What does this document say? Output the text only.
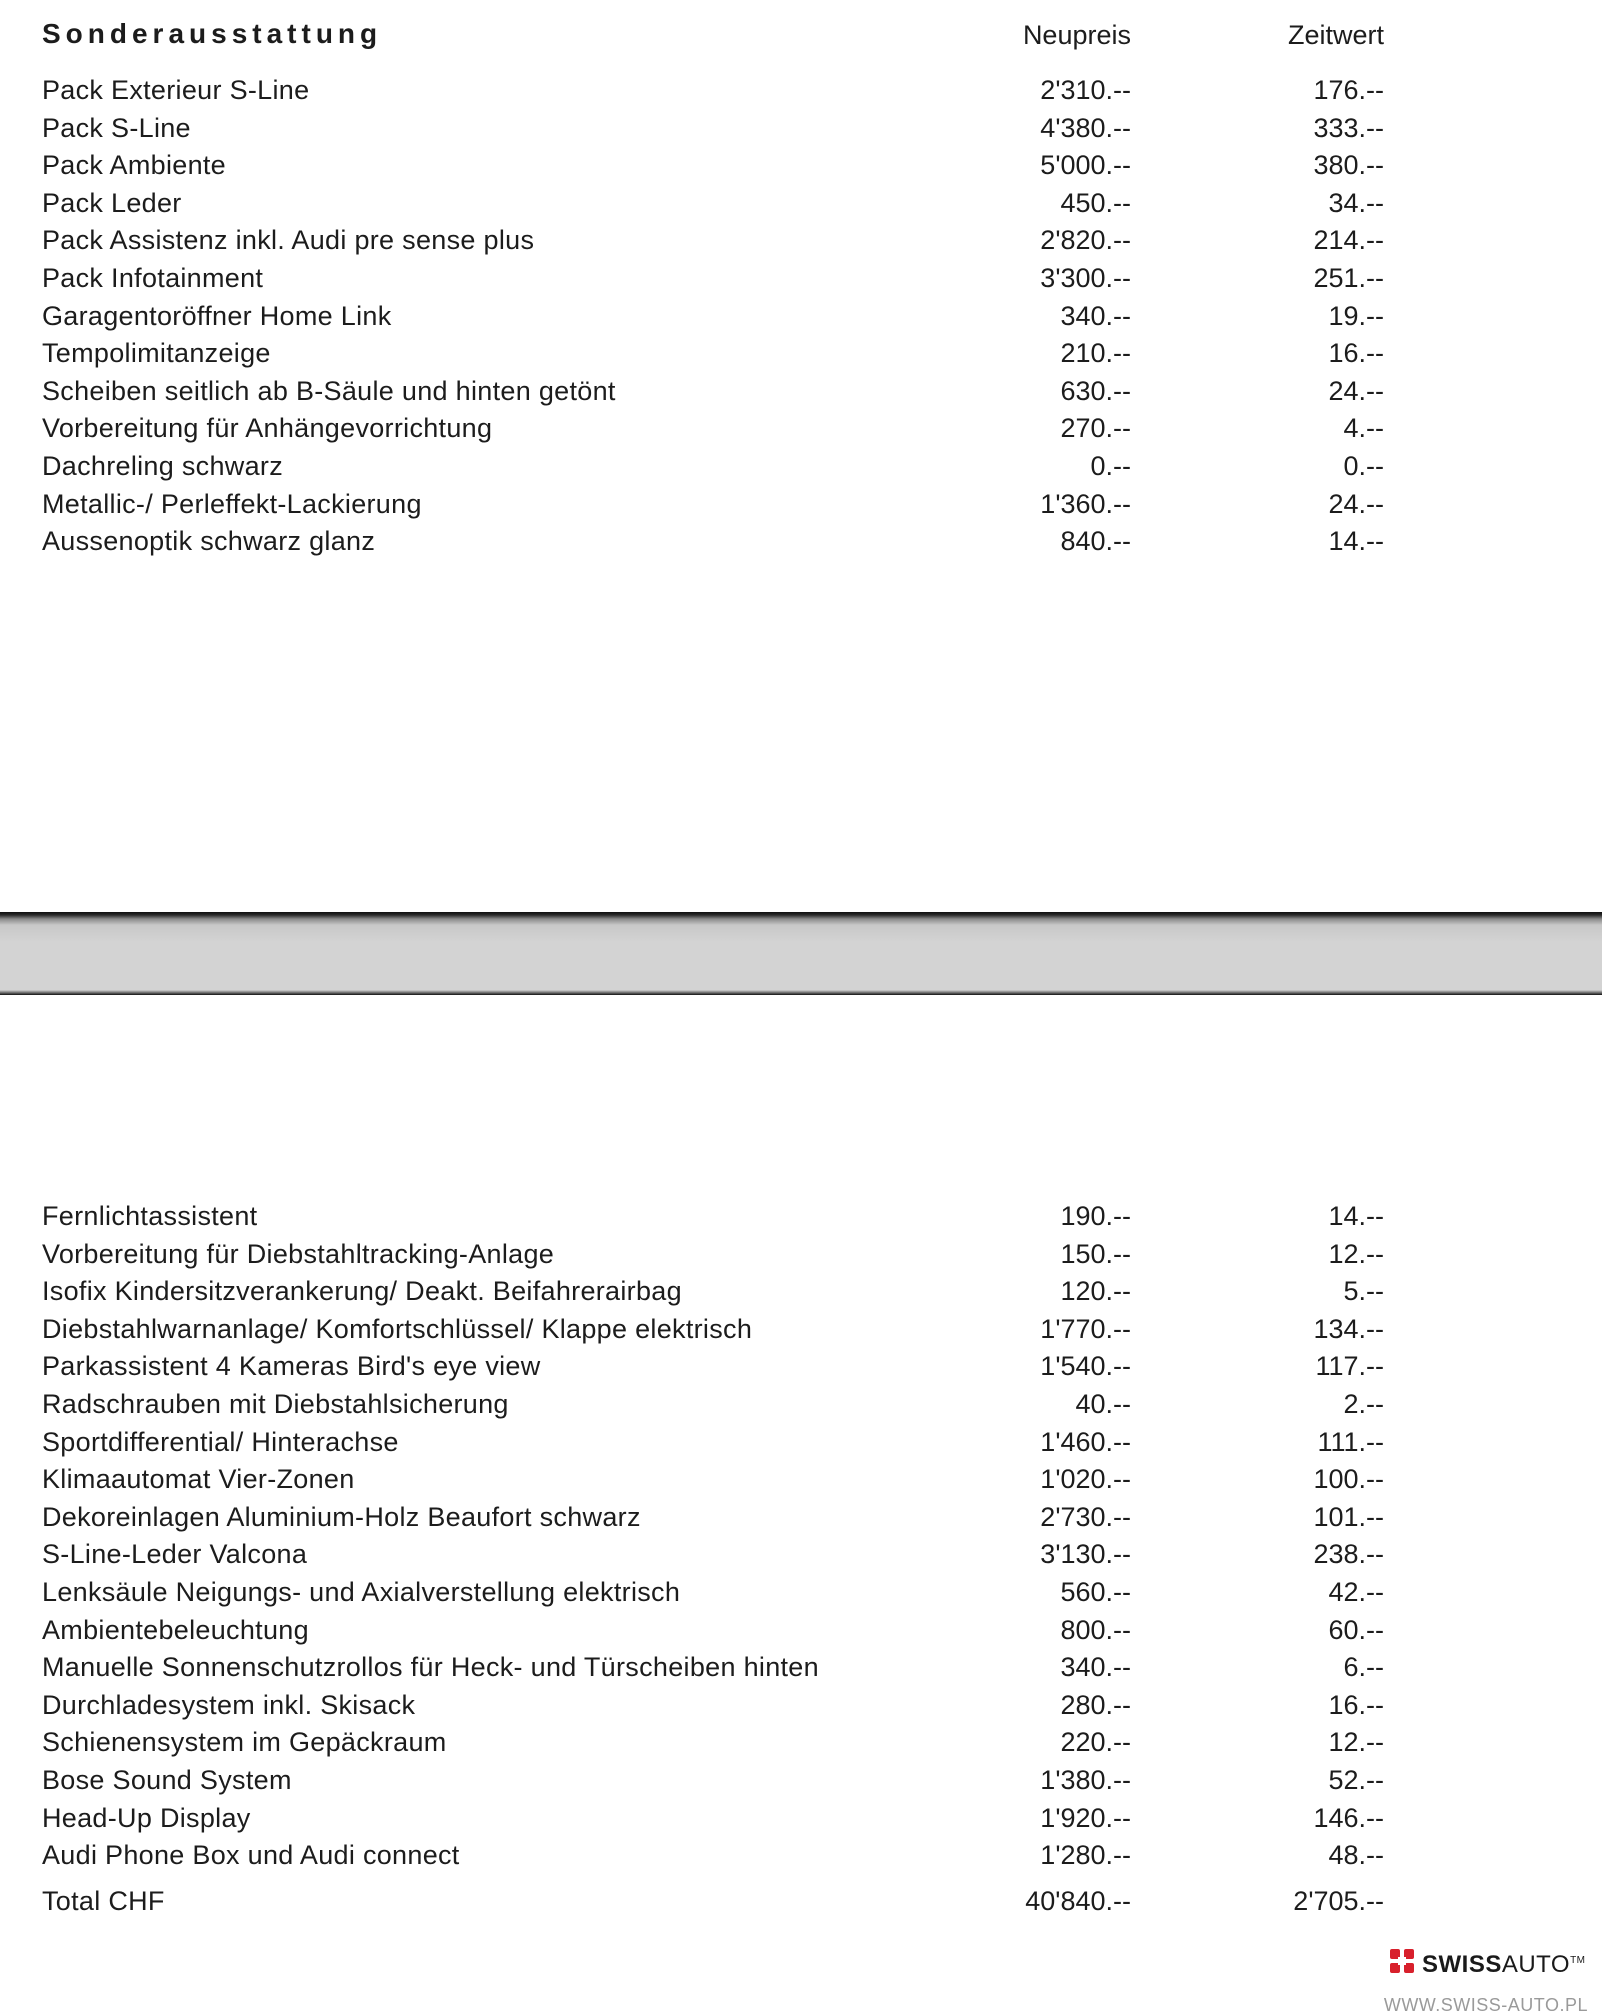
Sonderausstattung	Neupreis	Zeitwert
Pack Exterieur S-Line	2'310.--	176.--
Pack S-Line	4'380.--	333.--
Pack Ambiente	5'000.--	380.--
Pack Leder	450.--	34.--
Pack Assistenz inkl. Audi pre sense plus	2'820.--	214.--
Pack Infotainment	3'300.--	251.--
Garagentoröffner Home Link	340.--	19.--
Tempolimitanzeige	210.--	16.--
Scheiben seitlich ab B-Säule und hinten getönt	630.--	24.--
Vorbereitung für Anhängevorrichtung	270.--	4.--
Dachreling schwarz	0.--	0.--
Metallic-/ Perleffekt-Lackierung	1'360.--	24.--
Aussenoptik schwarz glanz	840.--	14.--
Fernlichtassistent	190.--	14.--
Vorbereitung für Diebstahltracking-Anlage	150.--	12.--
Isofix Kindersitzverankerung/ Deakt. Beifahrerairbag	120.--	5.--
Diebstahlwarnanlage/ Komfortschlüssel/ Klappe elektrisch	1'770.--	134.--
Parkassistent 4 Kameras Bird's eye view	1'540.--	117.--
Radschrauben mit Diebstahlsicherung	40.--	2.--
Sportdifferential/ Hinterachse	1'460.--	111.--
Klimaautomat Vier-Zonen	1'020.--	100.--
Dekoreinlagen Aluminium-Holz Beaufort schwarz	2'730.--	101.--
S-Line-Leder Valcona	3'130.--	238.--
Lenksäule Neigungs- und Axialverstellung elektrisch	560.--	42.--
Ambientebeleuchtung	800.--	60.--
Manuelle Sonnenschutzrollos für Heck- und Türscheiben hinten	340.--	6.--
Durchladesystem inkl. Skisack	280.--	16.--
Schienensystem im Gepäckraum	220.--	12.--
Bose Sound System	1'380.--	52.--
Head-Up Display	1'920.--	146.--
Audi Phone Box und Audi connect	1'280.--	48.--
Total CHF	40'840.--	2'705.--
SWISSAUTO™
WWW.SWISS-AUTO.PL
